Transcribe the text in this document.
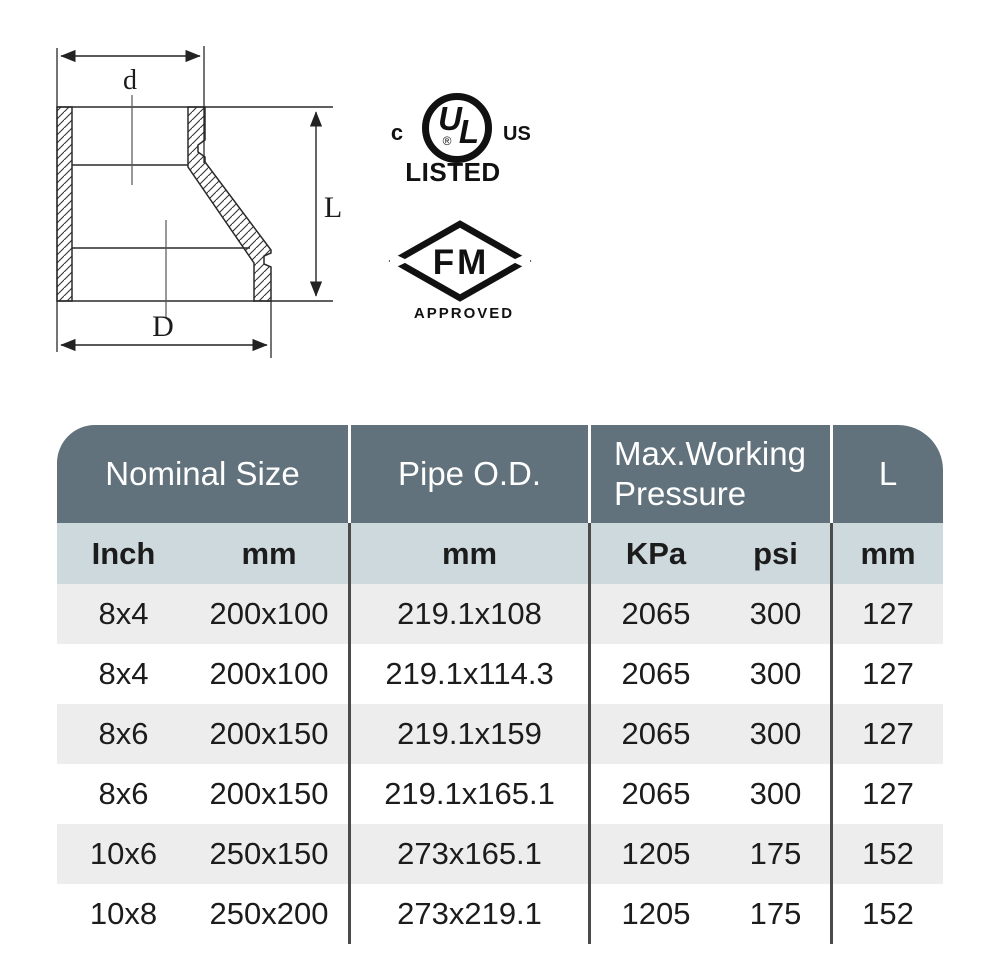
d
D
L
U
L
®
c	US
LISTED
FM
APPROVED
Nominal Size		Pipe O.D.	Max.Working Pressure		L
Inch	mm	mm	KPa	psi	mm
8x4	200x100	219.1x108	2065	300	127
8x4	200x100	219.1x114.3	2065	300	127
8x6	200x150	219.1x159	2065	300	127
8x6	200x150	219.1x165.1	2065	300	127
10x6	250x150	273x165.1	1205	175	152
10x8	250x200	273x219.1	1205	175	152
